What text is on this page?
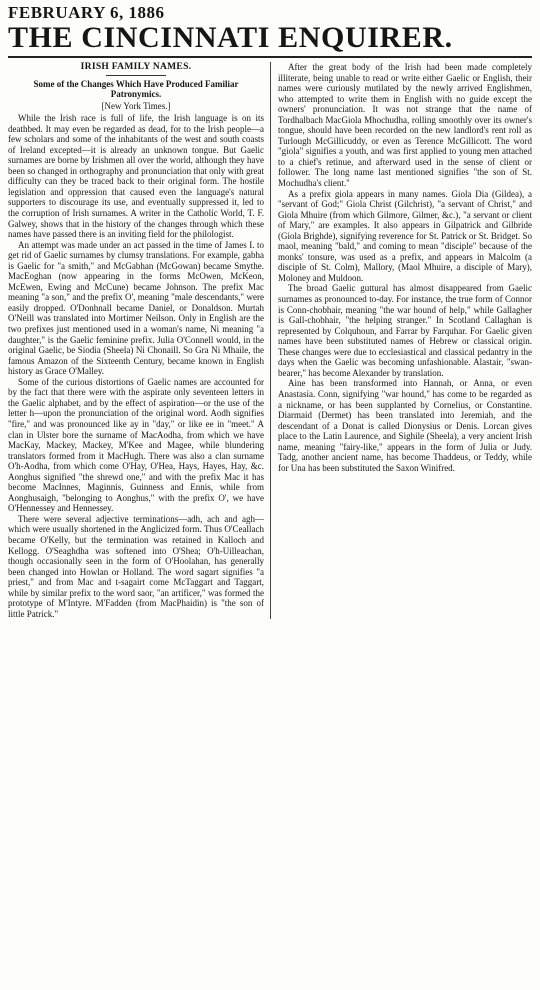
FEBRUARY 6, 1886
THE CINCINNATI ENQUIRER.
IRISH FAMILY NAMES.
Some of the Changes Which Have Produced Familiar Patronymics.
[New York Times.]

While the Irish race is full of life, the Irish language is on its deathbed. It may even be regarded as dead, for to the Irish people—a few scholars and some of the inhabitants of the west and south coasts of Ireland excepted—it is already an unknown tongue. But Gaelic surnames are borne by Irishmen all over the world, although they have been so changed in orthography and pronunciation that only with great difficulty can they be traced back to their original form. The hostile legislation and oppression that caused even the language's natural supporters to discourage its use, and eventually suppressed it, led to the corruption of Irish surnames. A writer in the Catholic World, T. F. Galwey, shows that in the history of the changes through which these names have passed there is an inviting field for the philologist.

An attempt was made under an act passed in the time of James I. to get rid of Gaelic surnames by clumsy translations. For example, gabha is Gaelic for "a smith," and McGabhan (McGowan) became Smythe. MacEoghan (now appearing in the forms McOwen, McKeon, McEwen, Ewing and McCune) became Johnson. The prefix Mac meaning "a son," and the prefix O', meaning "male descendants," were easily dropped. O'Donhnall became Daniel, or Donaldson. Murtah O'Neill was translated into Mortimer Neilson. Only in English are the two prefixes just mentioned used in a woman's name, Ni meaning "a daughter," is the Gaelic feminine prefix. Julia O'Connell would, in the original Gaelic, be Siodia (Sheela) Ni Chonaill. So Gra Ni Mhaile, the famous Amazon of the Sixteenth Century, became known in English history as Grace O'Malley.

Some of the curious distortions of Gaelic names are accounted for by the fact that there were with the aspirate only seventeen letters in the Gaelic alphabet, and by the effect of aspiration—or the use of the letter h—upon the pronunciation of the original word. Aodh signifies "fire," and was pronounced like ay in "day," or like ee in "meet." A clan in Ulster bore the surname of MacAodha, from which we have MacKay, Mackey, Mackey, M'Kee and Magee, while blundering translators formed from it MacHugh. There was also a clan surname O'h-Aodha, from which come O'Hay, O'Hea, Hays, Hayes, Hay, &c. Aonghus signified "the shrewd one," and with the prefix Mac it has become MacInnes, Maginnis, Guinness and Ennis, while from Aonghusaigh, "belonging to Aonghus," with the prefix O', we have O'Hennessey and Hennessey.

There were several adjective terminations—adh, ach and agh—which were usually shortened in the Anglicized form. Thus O'Ceallach became O'Kelly, but the termination was retained in Kalloch and Kellogg. O'Seaghdha was softened into O'Shea; O'h-Uilleachan, though occasionally seen in the form of O'Hoolahan, has generally been changed into Howlan or Holland. The word sagart signifies "a priest," and from Mac and t-sagairt come McTaggart and Taggart, while by similar prefix to the word saor, "an artificer," was formed the prototype of M'Intyre. M'Fadden (from MacPhaidin) is "the son of little Patrick."

After the great body of the Irish had been made completely illiterate, being unable to read or write either Gaelic or English, their names were curiously mutilated by the newly arrived Englishmen, who attempted to write them in English with no guide except the owners' pronunciation. It was not strange that the name of Tordhalbach MacGiola Mhochudha, rolling smoothly over its owner's tongue, should have been recorded on the new landlord's rent roll as Turlough McGillicuddy, or even as Terence McGillicott. The word "giola" signifies a youth, and was first applied to young men attached to a chief's retinue, and afterward used in the sense of client or follower. The long name last mentioned signifies "the son of St. Mochudha's client."

As a prefix giola appears in many names. Giola Dia (Gildea), a "servant of God;" Giola Christ (Gilchrist), "a servant of Christ," and Giola Mhuire (from which Gilmore, Gilmer, &c.), "a servant or client of Mary," are examples. It also appears in Gilpatrick and Gilbride (Giola Brighde), signifying reverence for St. Patrick or St. Bridget. So maol, meaning "bald," and coming to mean "disciple" because of the monks' tonsure, was used as a prefix, and appears in Malcolm (a disciple of St. Colm), Mallory, (Maol Mhuire, a disciple of Mary), Moloney and Muldoon.

The broad Gaelic guttural has almost disappeared from Gaelic surnames as pronounced to-day. For instance, the true form of Connor is Conn-chobhair, meaning "the war hound of help," while Gallagher is Gall-chobhair, "the helping stranger." In Scotland Callaghan is represented by Colquhoun, and Farrar by Farquhar. For Gaelic given names have been substituted names of Hebrew or classical origin. These changes were due to ecclesiastical and classical pedantry in the days when the Gaelic was becoming unfashionable. Alastair, "swan-bearer," has become Alexander by translation.

Aine has been transformed into Hannah, or Anna, or even Anastasia. Conn, signifying "war hound," has come to be regarded as a nickname, or has been supplanted by Cornelius, or Constantine. Diarmaid (Dermet) has been translated into Jeremiah, and the descendant of a Donat is called Dionysius or Denis. Lorcan gives place to the Latin Laurence, and Sighile (Sheela), a very ancient Irish name, meaning "fairy-like," appears in the form of Julia or Judy. Tadg, another ancient name, has become Thaddeus, or Teddy, while for Una has been substituted the Saxon Winifred.
